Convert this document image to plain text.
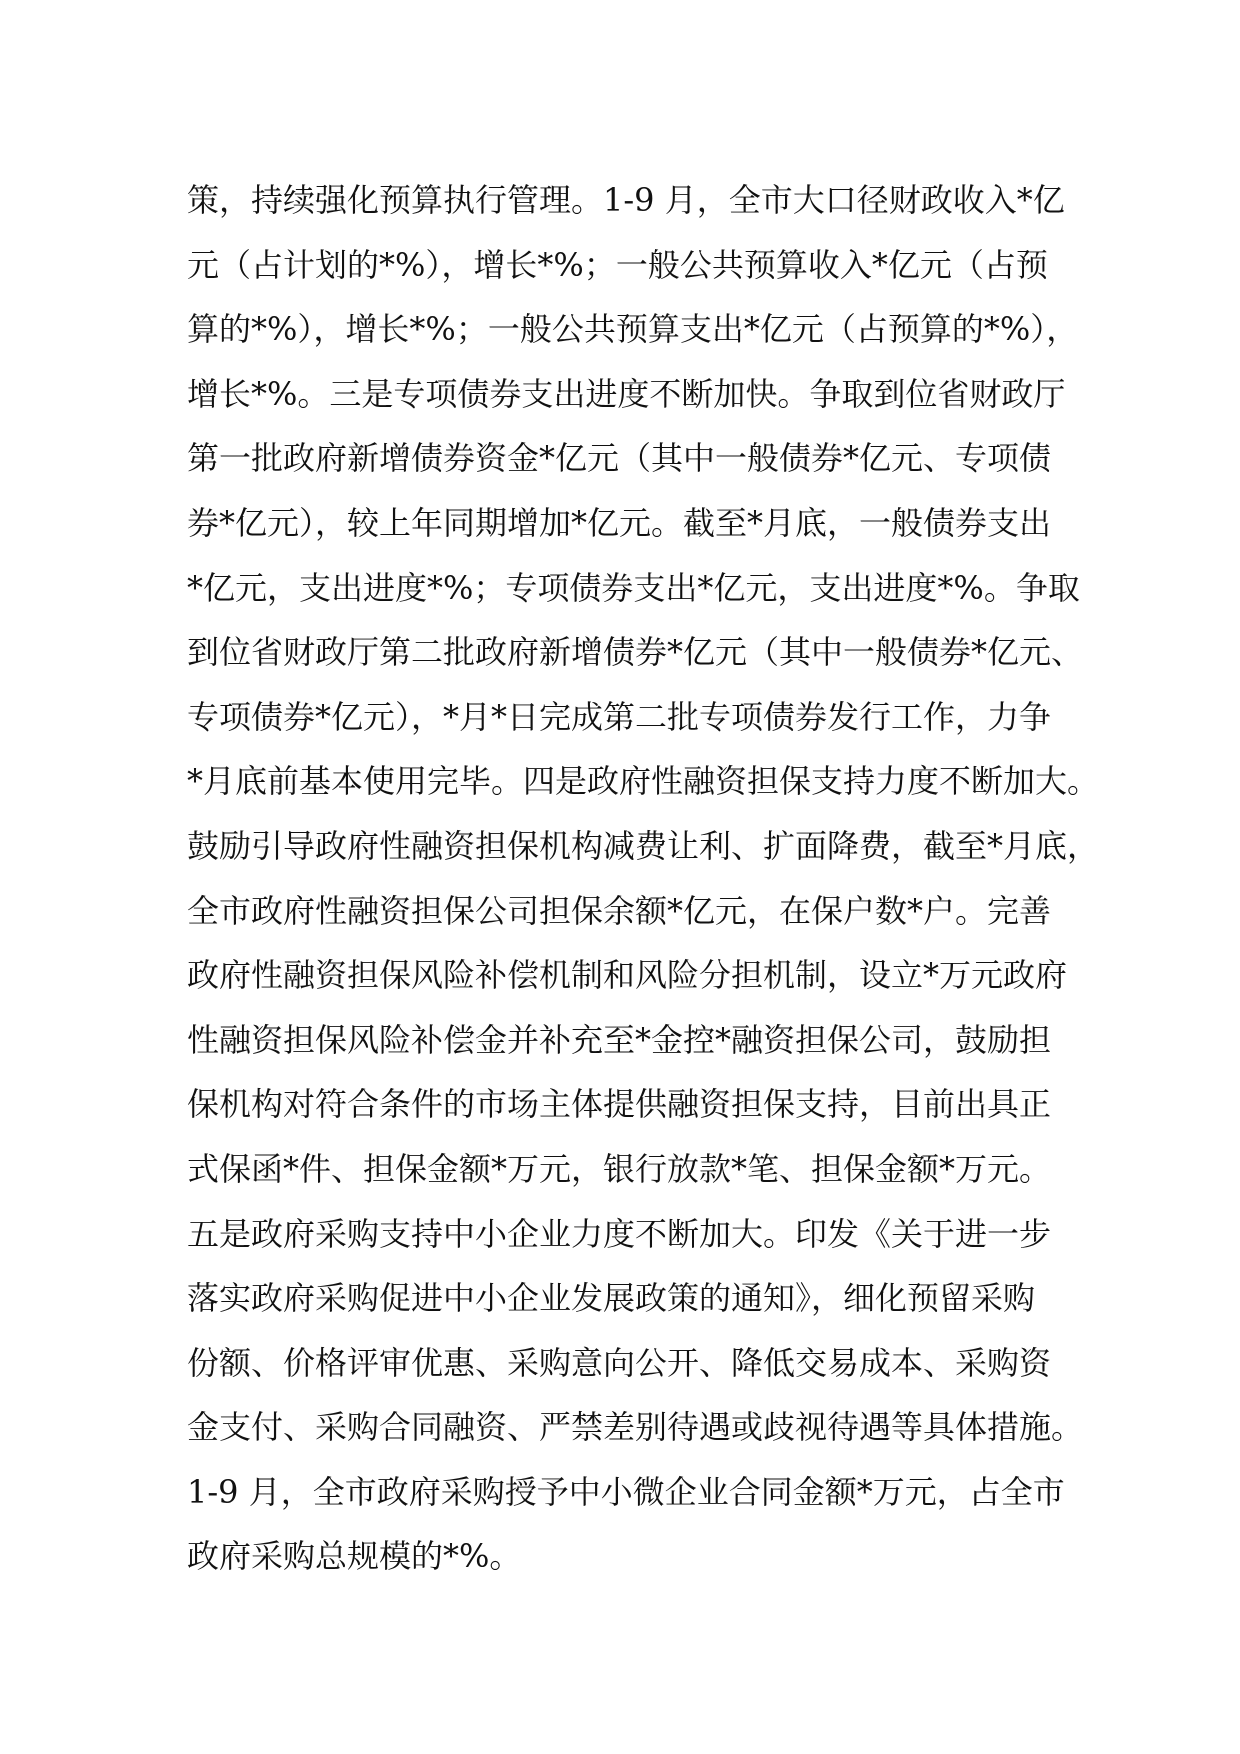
策，持续强化预算执行管理。1-9 月，全市大口径财政收入*亿
元（占计划的*%），增长*%；一般公共预算收入*亿元（占预
算的*%），增长*%；一般公共预算支出*亿元（占预算的*%），
增长*%。三是专项债券支出进度不断加快。争取到位省财政厅
第一批政府新增债券资金*亿元（其中一般债券*亿元、专项债
券*亿元），较上年同期增加*亿元。截至*月底，一般债券支出
*亿元，支出进度*%；专项债券支出*亿元，支出进度*%。争取
到位省财政厅第二批政府新增债券*亿元（其中一般债券*亿元、
专项债券*亿元），*月*日完成第二批专项债券发行工作，力争
*月底前基本使用完毕。四是政府性融资担保支持力度不断加大。
鼓励引导政府性融资担保机构减费让利、扩面降费，截至*月底，
全市政府性融资担保公司担保余额*亿元，在保户数*户。完善
政府性融资担保风险补偿机制和风险分担机制，设立*万元政府
性融资担保风险补偿金并补充至*金控*融资担保公司，鼓励担
保机构对符合条件的市场主体提供融资担保支持，目前出具正
式保函*件、担保金额*万元，银行放款*笔、担保金额*万元。
五是政府采购支持中小企业力度不断加大。印发《关于进一步
落实政府采购促进中小企业发展政策的通知》，细化预留采购
份额、价格评审优惠、采购意向公开、降低交易成本、采购资
金支付、采购合同融资、严禁差别待遇或歧视待遇等具体措施。
1-9 月，全市政府采购授予中小微企业合同金额*万元，占全市
政府采购总规模的*%。
